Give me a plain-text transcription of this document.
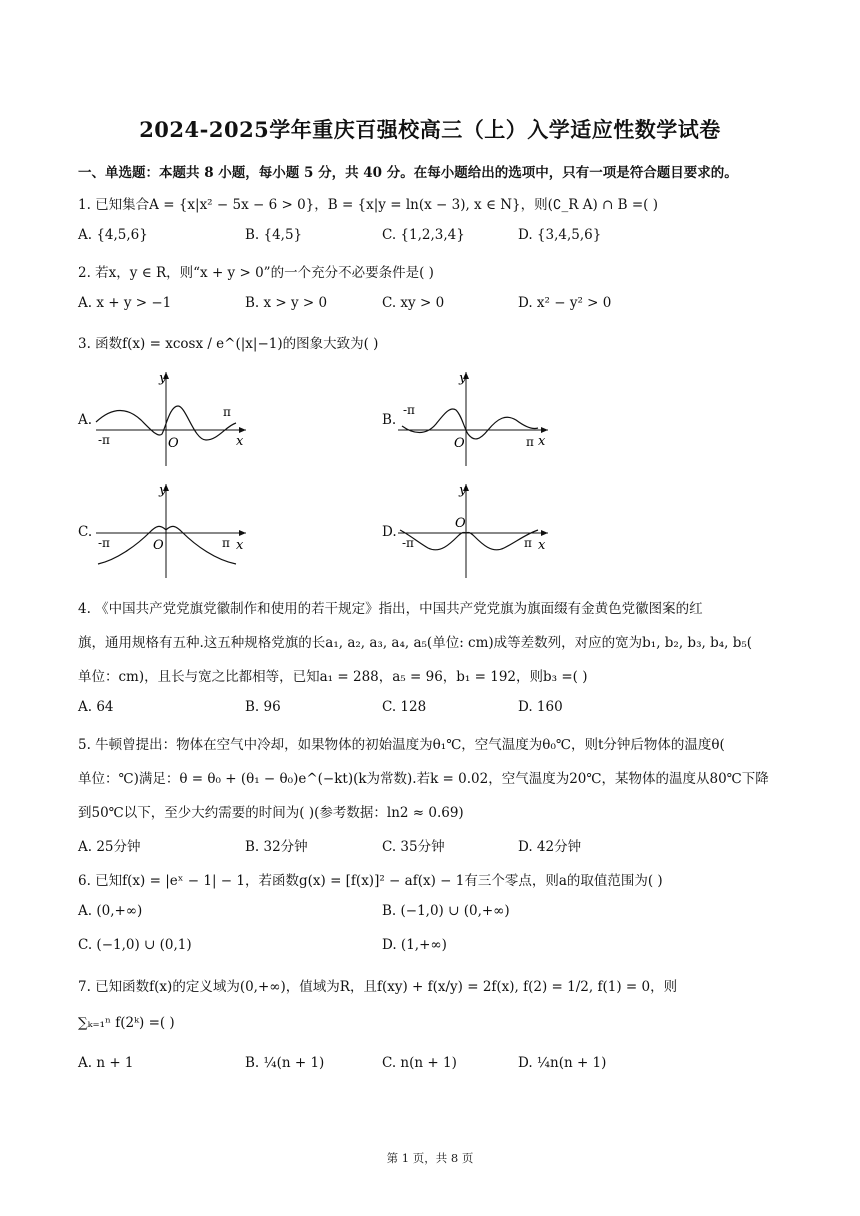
2024-2025学年重庆百强校高三（上）入学适应性数学试卷
一、单选题：本题共 8 小题，每小题 5 分，共 40 分。在每小题给出的选项中，只有一项是符合题目要求的。
1. 已知集合A = {x|x² − 5x − 6 > 0}，B = {x|y = ln(x − 3), x ∈ N}，则(∁_R A) ∩ B =( )
A. {4,5,6}	B. {4,5}	C. {1,2,3,4}	D. {3,4,5,6}
2. 若x，y ∈ R，则“x + y > 0”的一个充分不必要条件是( )
A. x + y > −1	B. x > y > 0	C. xy > 0	D. x² − y² > 0
3. 函数f(x) = xcosx / e^(|x|−1)的图象大致为( )
A.
y
-π
π
O	x
B.
y
-π
π
O	x
C.
y
-π	π
O	x
D.
y
-π	π
O
x
4. 《中国共产党党旗党徽制作和使用的若干规定》指出，中国共产党党旗为旗面缀有金黄色党徽图案的红
旗，通用规格有五种.这五种规格党旗的长a₁, a₂, a₃, a₄, a₅(单位: cm)成等差数列，对应的宽为b₁, b₂, b₃, b₄, b₅(
单位：cm)，且长与宽之比都相等，已知a₁ = 288，a₅ = 96，b₁ = 192，则b₃ =( )
A. 64	B. 96	C. 128	D. 160
5. 牛顿曾提出：物体在空气中冷却，如果物体的初始温度为θ₁℃，空气温度为θ₀℃，则t分钟后物体的温度θ(
单位：℃)满足：θ = θ₀ + (θ₁ − θ₀)e^(−kt)(k为常数).若k = 0.02，空气温度为20℃，某物体的温度从80℃下降
到50℃以下，至少大约需要的时间为( )(参考数据：ln2 ≈ 0.69)
A. 25分钟	B. 32分钟	C. 35分钟	D. 42分钟
6. 已知f(x) = |eˣ − 1| − 1，若函数g(x) = [f(x)]² − af(x) − 1有三个零点，则a的取值范围为( )
A. (0,+∞)	B. (−1,0) ∪ (0,+∞)
C. (−1,0) ∪ (0,1)	D. (1,+∞)
7. 已知函数f(x)的定义域为(0,+∞)，值域为R，且f(xy) + f(x/y) = 2f(x), f(2) = 1/2, f(1) = 0，则
∑ₖ₌₁ⁿ f(2ᵏ) =( )
A. n + 1	B. ¼(n + 1)	C. n(n + 1)	D. ¼n(n + 1)
第 1 页，共 8 页
